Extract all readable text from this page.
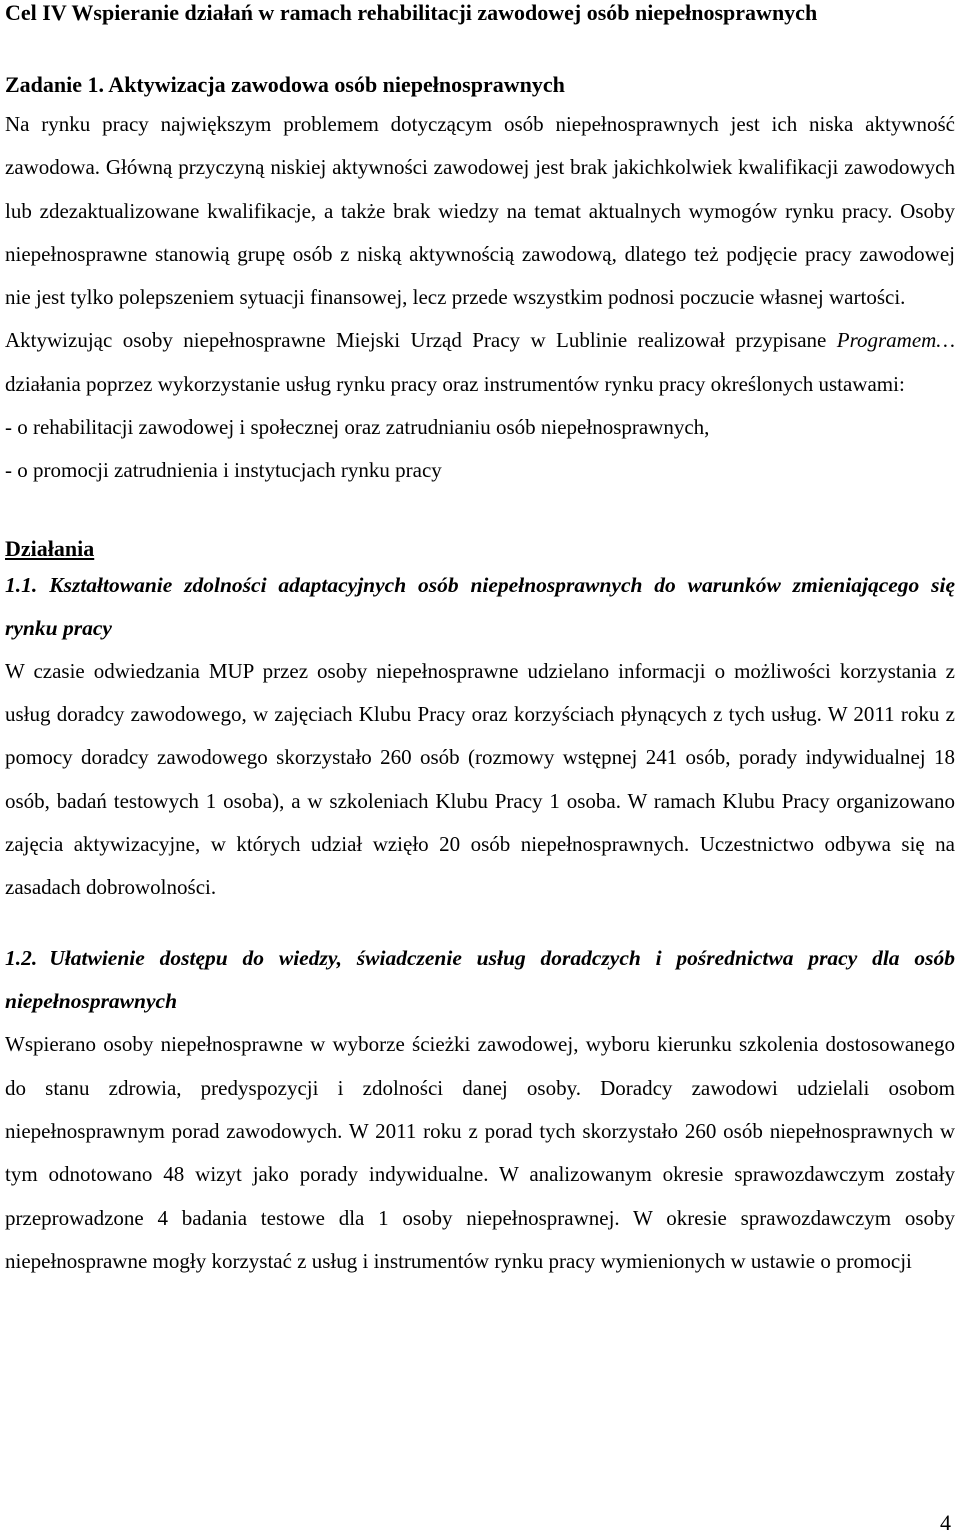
Cel IV Wspieranie działań w ramach rehabilitacji zawodowej osób niepełnosprawnych
Zadanie 1. Aktywizacja zawodowa osób niepełnosprawnych

Na rynku pracy największym problemem dotyczącym osób niepełnosprawnych jest ich niska aktywność zawodowa. Główną przyczyną niskiej aktywności zawodowej jest brak jakichkolwiek kwalifikacji zawodowych lub zdezaktualizowane kwalifikacje, a także brak wiedzy na temat aktualnych wymogów rynku pracy. Osoby niepełnosprawne stanowią grupę osób z niską aktywnością zawodową, dlatego też podjęcie pracy zawodowej nie jest tylko polepszeniem sytuacji finansowej, lecz przede wszystkim podnosi poczucie własnej wartości.

Aktywizując osoby niepełnosprawne Miejski Urząd Pracy w Lublinie realizował przypisane Programem… działania poprzez wykorzystanie usług rynku pracy oraz instrumentów rynku pracy określonych ustawami:

- o rehabilitacji zawodowej i społecznej oraz zatrudnianiu osób niepełnosprawnych,
- o promocji zatrudnienia i instytucjach rynku pracy
Działania
1.1. Kształtowanie zdolności adaptacyjnych osób niepełnosprawnych do warunków zmieniającego się rynku pracy

W czasie odwiedzania MUP przez osoby niepełnosprawne udzielano informacji o możliwości korzystania z usług doradcy zawodowego, w zajęciach Klubu Pracy oraz korzyściach płynących z tych usług. W 2011 roku z pomocy doradcy zawodowego skorzystało 260 osób (rozmowy wstępnej 241 osób, porady indywidualnej 18 osób, badań testowych 1 osoba), a w szkoleniach Klubu Pracy 1 osoba. W ramach Klubu Pracy organizowano zajęcia aktywizacyjne, w których udział wzięło 20 osób niepełnosprawnych. Uczestnictwo odbywa się na zasadach dobrowolności.

1.2. Ułatwienie dostępu do wiedzy, świadczenie usług doradczych i pośrednictwa pracy dla osób niepełnosprawnych

Wspierano osoby niepełnosprawne w wyborze ścieżki zawodowej, wyboru kierunku szkolenia dostosowanego do stanu zdrowia, predyspozycji i zdolności danej osoby. Doradcy zawodowi udzielali osobom niepełnosprawnym porad zawodowych. W 2011 roku z porad tych skorzystało 260 osób niepełnosprawnych w tym odnotowano 48 wizyt jako porady indywidualne. W analizowanym okresie sprawozdawczym zostały przeprowadzone 4 badania testowe dla 1 osoby niepełnosprawnej. W okresie sprawozdawczym osoby niepełnosprawne mogły korzystać z usług i instrumentów rynku pracy wymienionych w ustawie o promocji

4
